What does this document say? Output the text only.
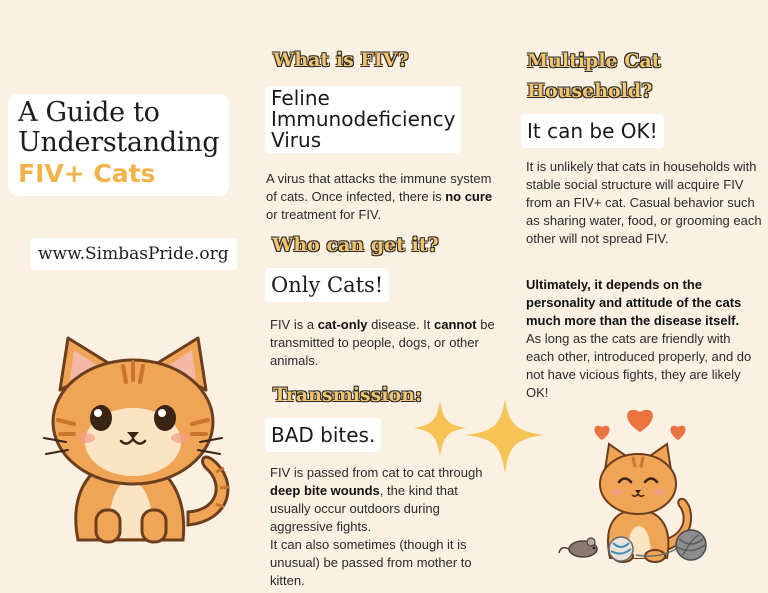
A Guide to
Understanding
FIV+ Cats
www.SimbasPride.org
What is FIV?
Feline
Immunodeficiency
Virus
A virus that attacks the immune system of cats. Once infected, there is no cure or treatment for FIV.
Who can get it?
Only Cats!
FIV is a cat-only disease. It cannot be transmitted to people, dogs, or other animals.
Transmission:
BAD bites.
FIV is passed from cat to cat through deep bite wounds, the kind that usually occur outdoors during aggressive fights.
It can also sometimes (though it is unusual) be passed from mother to kitten.
Multiple Cat
Household?
It can be OK!
It is unlikely that cats in households with stable social structure will acquire FIV from an FIV+ cat. Casual behavior such as sharing water, food, or grooming each other will not spread FIV.
Ultimately, it depends on the personality and attitude of the cats much more than the disease itself.
As long as the cats are friendly with each other, introduced properly, and do not have vicious fights, they are likely OK!
